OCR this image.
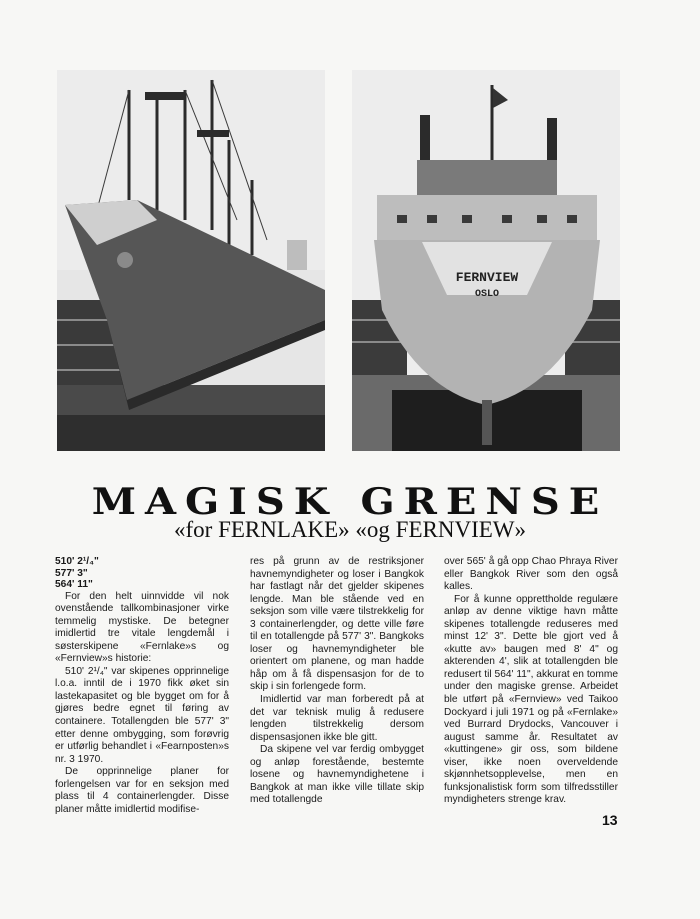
FERNVIEW
OSLO
MAGISK GRENSE
«for FERNLAKE» «og FERNVIEW»
510' 2¹/₄"
577' 3"
564' 11"

For den helt uinnvidde vil nok ovenstående tallkombinasjoner virke temmelig mystiske. De betegner imidlertid tre vitale lengdemål i søsterskipene «Fernlake»s og «Fernview»s historie:

510' 2¹/₄" var skipenes opprinnelige l.o.a. inntil de i 1970 fikk øket sin lastekapasitet og ble bygget om for å gjøres bedre egnet til føring av containere. Totallengden ble 577' 3" etter denne ombygging, som forøvrig er utførlig behandlet i «Fearnposten»s nr. 3 1970.

De opprinnelige planer for forlengelsen var for en seksjon med plass til 4 containerlengder. Disse planer måtte imidlertid modifise-

res på grunn av de restriksjoner havnemyndigheter og loser i Bangkok har fastlagt når det gjelder skipenes lengde. Man ble stående ved en seksjon som ville være tilstrekkelig for 3 containerlengder, og dette ville føre til en totallengde på 577' 3". Bangkoks loser og havnemyndigheter ble orientert om planene, og man hadde håp om å få dispensasjon for de to skip i sin forlengede form.

Imidlertid var man forberedt på at det var teknisk mulig å redusere lengden tilstrekkelig dersom dispensasjonen ikke ble gitt.

Da skipene vel var ferdig ombygget og anløp forestående, bestemte losene og havnemyndighetene i Bangkok at man ikke ville tillate skip med totallengde

over 565' å gå opp Chao Phraya River eller Bangkok River som den også kalles.

For å kunne opprettholde regulære anløp av denne viktige havn måtte skipenes totallengde reduseres med minst 12' 3". Dette ble gjort ved å «kutte av» baugen med 8' 4" og akterenden 4', slik at totallengden ble redusert til 564' 11", akkurat en tomme under den magiske grense. Arbeidet ble utført på «Fernview» ved Taikoo Dockyard i juli 1971 og på «Fernlake» ved Burrard Drydocks, Vancouver i august samme år. Resultatet av «kuttingene» gir oss, som bildene viser, ikke noen overveldende skjønnhetsopplevelse, men en funksjonalistisk form som tilfredsstiller myndigheters strenge krav.

13
